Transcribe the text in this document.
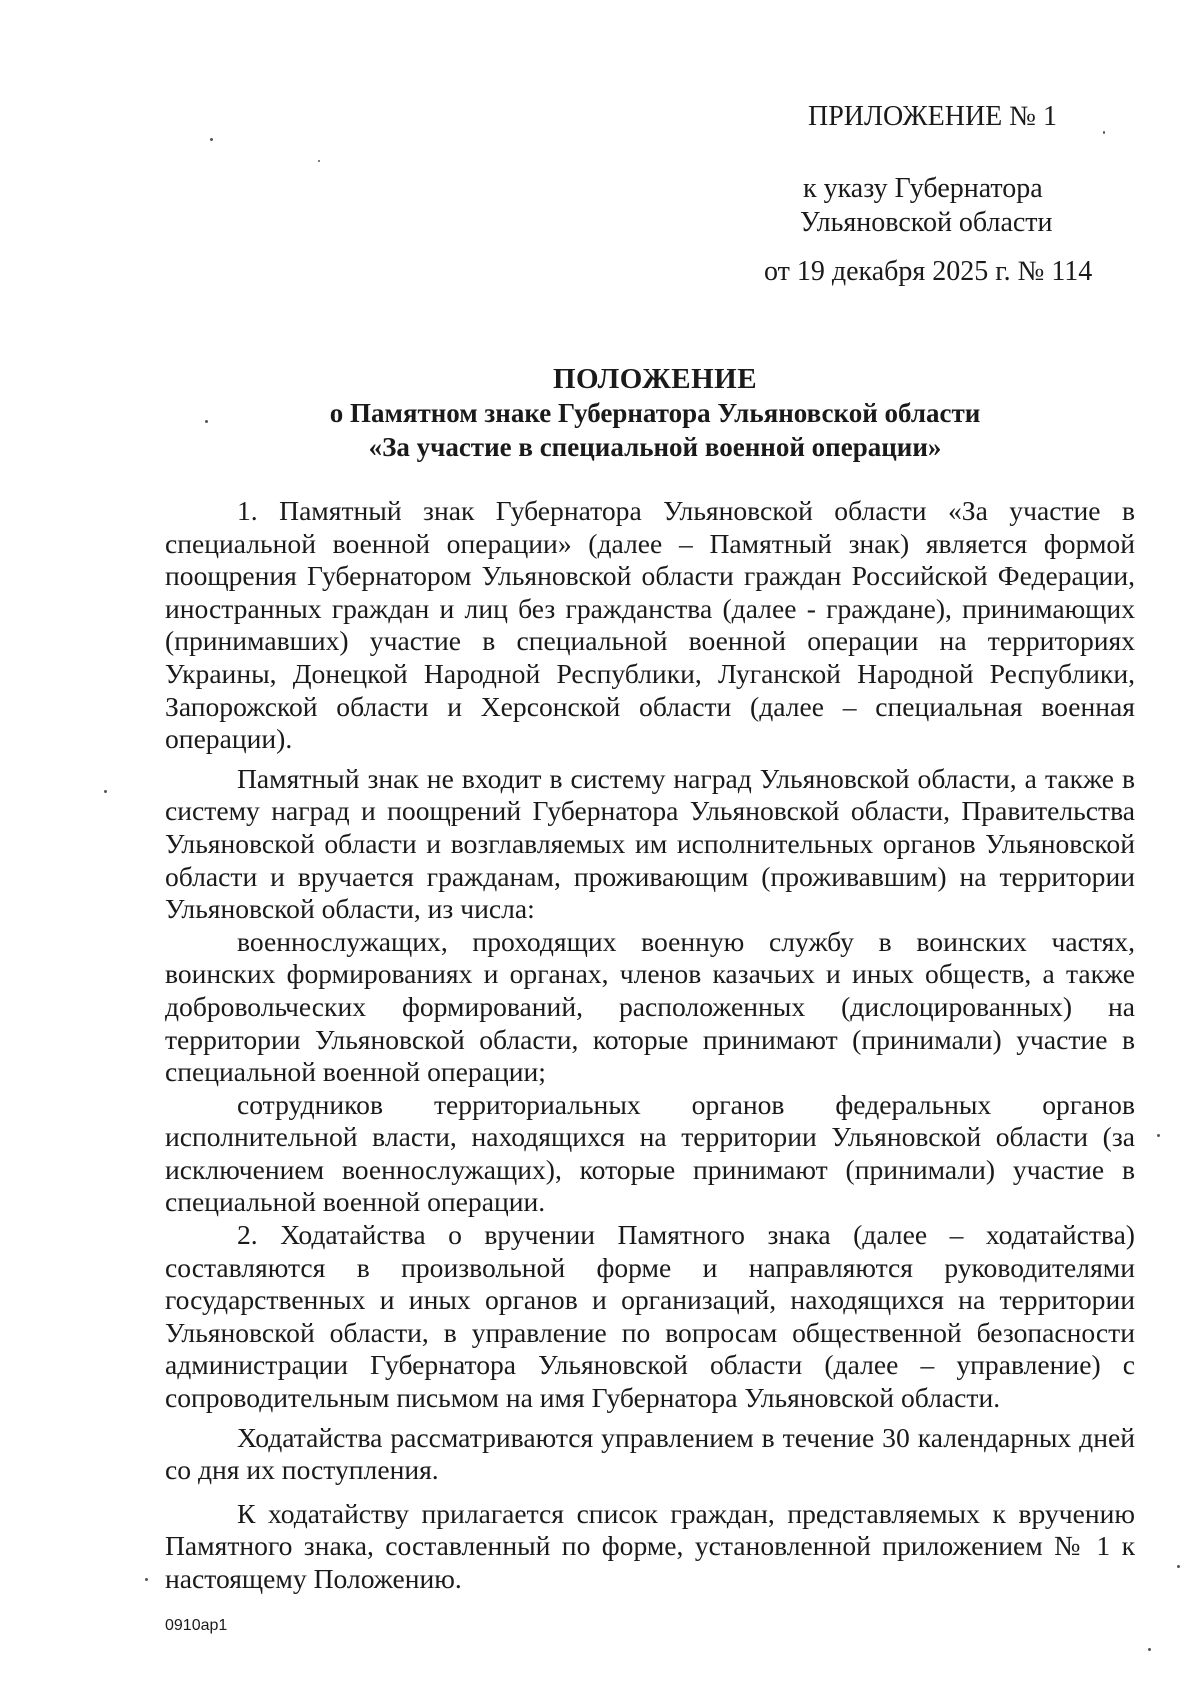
ПРИЛОЖЕНИЕ № 1
к указу Губернатора
Ульяновской области
от 19 декабря 2025 г. № 114
ПОЛОЖЕНИЕ
о Памятном знаке Губернатора Ульяновской области
«За участие в специальной военной операции»

1. Памятный знак Губернатора Ульяновской области «За участие в специальной военной операции» (далее – Памятный знак) является формой поощрения Губернатором Ульяновской области граждан Российской Федерации, иностранных граждан и лиц без гражданства (далее - граждане), принимающих (принимавших) участие в специальной военной операции на территориях Украины, Донецкой Народной Республики, Луганской Народной Республики, Запорожской области и Херсонской области (далее – специальная военная операции).

Памятный знак не входит в систему наград Ульяновской области, а также в систему наград и поощрений Губернатора Ульяновской области, Правительства Ульяновской области и возглавляемых им исполнительных органов Ульяновской области и вручается гражданам, проживающим (проживавшим) на территории Ульяновской области, из числа:

военнослужащих, проходящих военную службу в воинских частях, воинских формированиях и органах, членов казачьих и иных обществ, а также добровольческих формирований, расположенных (дислоцированных) на территории Ульяновской области, которые принимают (принимали) участие в специальной военной операции;

сотрудников территориальных органов федеральных органов исполнительной власти, находящихся на территории Ульяновской области (за исключением военнослужащих), которые принимают (принимали) участие в специальной военной операции.

2. Ходатайства о вручении Памятного знака (далее – ходатайства) составляются в произвольной форме и направляются руководителями государственных и иных органов и организаций, находящихся на территории Ульяновской области, в управление по вопросам общественной безопасности администрации Губернатора Ульяновской области (далее – управление) с сопроводительным письмом на имя Губернатора Ульяновской области.

Ходатайства рассматриваются управлением в течение 30 календарных дней со дня их поступления.

К ходатайству прилагается список граждан, представляемых к вручению Памятного знака, составленный по форме, установленной приложением № 1 к настоящему Положению.

0910ap1
